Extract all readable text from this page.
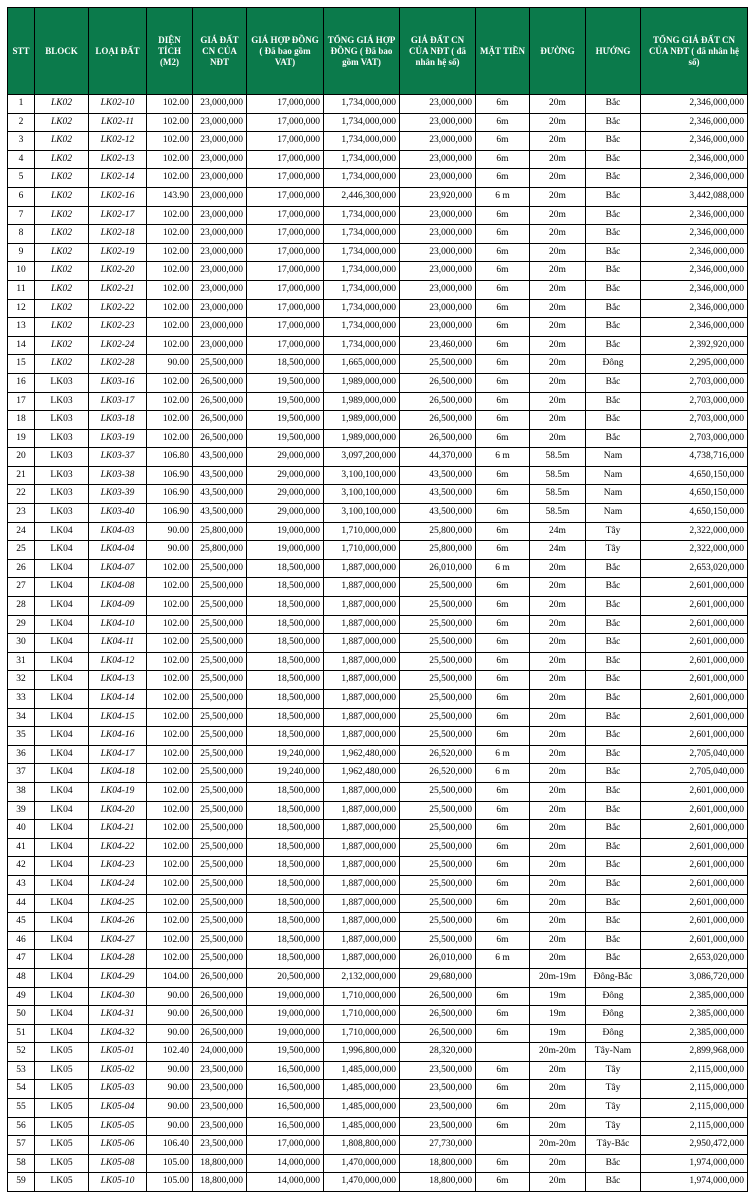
STT	BLOCK	LOẠI ĐẤT	DIỆN TÍCH (M2)	GIÁ ĐẤT CN CỦA NĐT	GIÁ HỢP ĐỒNG ( Đã bao gồm VAT)	TỔNG GIÁ HỢP ĐỒNG ( Đã bao gồm VAT)	GIÁ ĐẤT CN CỦA NĐT ( đã nhân hệ số)	MẶT TIỀN	ĐƯỜNG	HƯỚNG	TỔNG GIÁ ĐẤT CN CỦA NĐT ( đã nhân hệ số)
1	LK02	LK02-10	102.00	23,000,000	17,000,000	1,734,000,000	23,000,000	6m	20m	Bắc	2,346,000,000
2	LK02	LK02-11	102.00	23,000,000	17,000,000	1,734,000,000	23,000,000	6m	20m	Bắc	2,346,000,000
3	LK02	LK02-12	102.00	23,000,000	17,000,000	1,734,000,000	23,000,000	6m	20m	Bắc	2,346,000,000
4	LK02	LK02-13	102.00	23,000,000	17,000,000	1,734,000,000	23,000,000	6m	20m	Bắc	2,346,000,000
5	LK02	LK02-14	102.00	23,000,000	17,000,000	1,734,000,000	23,000,000	6m	20m	Bắc	2,346,000,000
6	LK02	LK02-16	143.90	23,000,000	17,000,000	2,446,300,000	23,920,000	6 m	20m	Bắc	3,442,088,000
7	LK02	LK02-17	102.00	23,000,000	17,000,000	1,734,000,000	23,000,000	6m	20m	Bắc	2,346,000,000
8	LK02	LK02-18	102.00	23,000,000	17,000,000	1,734,000,000	23,000,000	6m	20m	Bắc	2,346,000,000
9	LK02	LK02-19	102.00	23,000,000	17,000,000	1,734,000,000	23,000,000	6m	20m	Bắc	2,346,000,000
10	LK02	LK02-20	102.00	23,000,000	17,000,000	1,734,000,000	23,000,000	6m	20m	Bắc	2,346,000,000
11	LK02	LK02-21	102.00	23,000,000	17,000,000	1,734,000,000	23,000,000	6m	20m	Bắc	2,346,000,000
12	LK02	LK02-22	102.00	23,000,000	17,000,000	1,734,000,000	23,000,000	6m	20m	Bắc	2,346,000,000
13	LK02	LK02-23	102.00	23,000,000	17,000,000	1,734,000,000	23,000,000	6m	20m	Bắc	2,346,000,000
14	LK02	LK02-24	102.00	23,000,000	17,000,000	1,734,000,000	23,460,000	6m	20m	Bắc	2,392,920,000
15	LK02	LK02-28	90.00	25,500,000	18,500,000	1,665,000,000	25,500,000	6m	20m	Đông	2,295,000,000
16	LK03	LK03-16	102.00	26,500,000	19,500,000	1,989,000,000	26,500,000	6m	20m	Bắc	2,703,000,000
17	LK03	LK03-17	102.00	26,500,000	19,500,000	1,989,000,000	26,500,000	6m	20m	Bắc	2,703,000,000
18	LK03	LK03-18	102.00	26,500,000	19,500,000	1,989,000,000	26,500,000	6m	20m	Bắc	2,703,000,000
19	LK03	LK03-19	102.00	26,500,000	19,500,000	1,989,000,000	26,500,000	6m	20m	Bắc	2,703,000,000
20	LK03	LK03-37	106.80	43,500,000	29,000,000	3,097,200,000	44,370,000	6 m	58.5m	Nam	4,738,716,000
21	LK03	LK03-38	106.90	43,500,000	29,000,000	3,100,100,000	43,500,000	6m	58.5m	Nam	4,650,150,000
22	LK03	LK03-39	106.90	43,500,000	29,000,000	3,100,100,000	43,500,000	6m	58.5m	Nam	4,650,150,000
23	LK03	LK03-40	106.90	43,500,000	29,000,000	3,100,100,000	43,500,000	6m	58.5m	Nam	4,650,150,000
24	LK04	LK04-03	90.00	25,800,000	19,000,000	1,710,000,000	25,800,000	6m	24m	Tây	2,322,000,000
25	LK04	LK04-04	90.00	25,800,000	19,000,000	1,710,000,000	25,800,000	6m	24m	Tây	2,322,000,000
26	LK04	LK04-07	102.00	25,500,000	18,500,000	1,887,000,000	26,010,000	6 m	20m	Bắc	2,653,020,000
27	LK04	LK04-08	102.00	25,500,000	18,500,000	1,887,000,000	25,500,000	6m	20m	Bắc	2,601,000,000
28	LK04	LK04-09	102.00	25,500,000	18,500,000	1,887,000,000	25,500,000	6m	20m	Bắc	2,601,000,000
29	LK04	LK04-10	102.00	25,500,000	18,500,000	1,887,000,000	25,500,000	6m	20m	Bắc	2,601,000,000
30	LK04	LK04-11	102.00	25,500,000	18,500,000	1,887,000,000	25,500,000	6m	20m	Bắc	2,601,000,000
31	LK04	LK04-12	102.00	25,500,000	18,500,000	1,887,000,000	25,500,000	6m	20m	Bắc	2,601,000,000
32	LK04	LK04-13	102.00	25,500,000	18,500,000	1,887,000,000	25,500,000	6m	20m	Bắc	2,601,000,000
33	LK04	LK04-14	102.00	25,500,000	18,500,000	1,887,000,000	25,500,000	6m	20m	Bắc	2,601,000,000
34	LK04	LK04-15	102.00	25,500,000	18,500,000	1,887,000,000	25,500,000	6m	20m	Bắc	2,601,000,000
35	LK04	LK04-16	102.00	25,500,000	18,500,000	1,887,000,000	25,500,000	6m	20m	Bắc	2,601,000,000
36	LK04	LK04-17	102.00	25,500,000	19,240,000	1,962,480,000	26,520,000	6 m	20m	Bắc	2,705,040,000
37	LK04	LK04-18	102.00	25,500,000	19,240,000	1,962,480,000	26,520,000	6 m	20m	Bắc	2,705,040,000
38	LK04	LK04-19	102.00	25,500,000	18,500,000	1,887,000,000	25,500,000	6m	20m	Bắc	2,601,000,000
39	LK04	LK04-20	102.00	25,500,000	18,500,000	1,887,000,000	25,500,000	6m	20m	Bắc	2,601,000,000
40	LK04	LK04-21	102.00	25,500,000	18,500,000	1,887,000,000	25,500,000	6m	20m	Bắc	2,601,000,000
41	LK04	LK04-22	102.00	25,500,000	18,500,000	1,887,000,000	25,500,000	6m	20m	Bắc	2,601,000,000
42	LK04	LK04-23	102.00	25,500,000	18,500,000	1,887,000,000	25,500,000	6m	20m	Bắc	2,601,000,000
43	LK04	LK04-24	102.00	25,500,000	18,500,000	1,887,000,000	25,500,000	6m	20m	Bắc	2,601,000,000
44	LK04	LK04-25	102.00	25,500,000	18,500,000	1,887,000,000	25,500,000	6m	20m	Bắc	2,601,000,000
45	LK04	LK04-26	102.00	25,500,000	18,500,000	1,887,000,000	25,500,000	6m	20m	Bắc	2,601,000,000
46	LK04	LK04-27	102.00	25,500,000	18,500,000	1,887,000,000	25,500,000	6m	20m	Bắc	2,601,000,000
47	LK04	LK04-28	102.00	25,500,000	18,500,000	1,887,000,000	26,010,000	6 m	20m	Bắc	2,653,020,000
48	LK04	LK04-29	104.00	26,500,000	20,500,000	2,132,000,000	29,680,000		20m-19m	Đông-Bắc	3,086,720,000
49	LK04	LK04-30	90.00	26,500,000	19,000,000	1,710,000,000	26,500,000	6m	19m	Đông	2,385,000,000
50	LK04	LK04-31	90.00	26,500,000	19,000,000	1,710,000,000	26,500,000	6m	19m	Đông	2,385,000,000
51	LK04	LK04-32	90.00	26,500,000	19,000,000	1,710,000,000	26,500,000	6m	19m	Đông	2,385,000,000
52	LK05	LK05-01	102.40	24,000,000	19,500,000	1,996,800,000	28,320,000		20m-20m	Tây-Nam	2,899,968,000
53	LK05	LK05-02	90.00	23,500,000	16,500,000	1,485,000,000	23,500,000	6m	20m	Tây	2,115,000,000
54	LK05	LK05-03	90.00	23,500,000	16,500,000	1,485,000,000	23,500,000	6m	20m	Tây	2,115,000,000
55	LK05	LK05-04	90.00	23,500,000	16,500,000	1,485,000,000	23,500,000	6m	20m	Tây	2,115,000,000
56	LK05	LK05-05	90.00	23,500,000	16,500,000	1,485,000,000	23,500,000	6m	20m	Tây	2,115,000,000
57	LK05	LK05-06	106.40	23,500,000	17,000,000	1,808,800,000	27,730,000		20m-20m	Tây-Bắc	2,950,472,000
58	LK05	LK05-08	105.00	18,800,000	14,000,000	1,470,000,000	18,800,000	6m	20m	Bắc	1,974,000,000
59	LK05	LK05-10	105.00	18,800,000	14,000,000	1,470,000,000	18,800,000	6m	20m	Bắc	1,974,000,000
